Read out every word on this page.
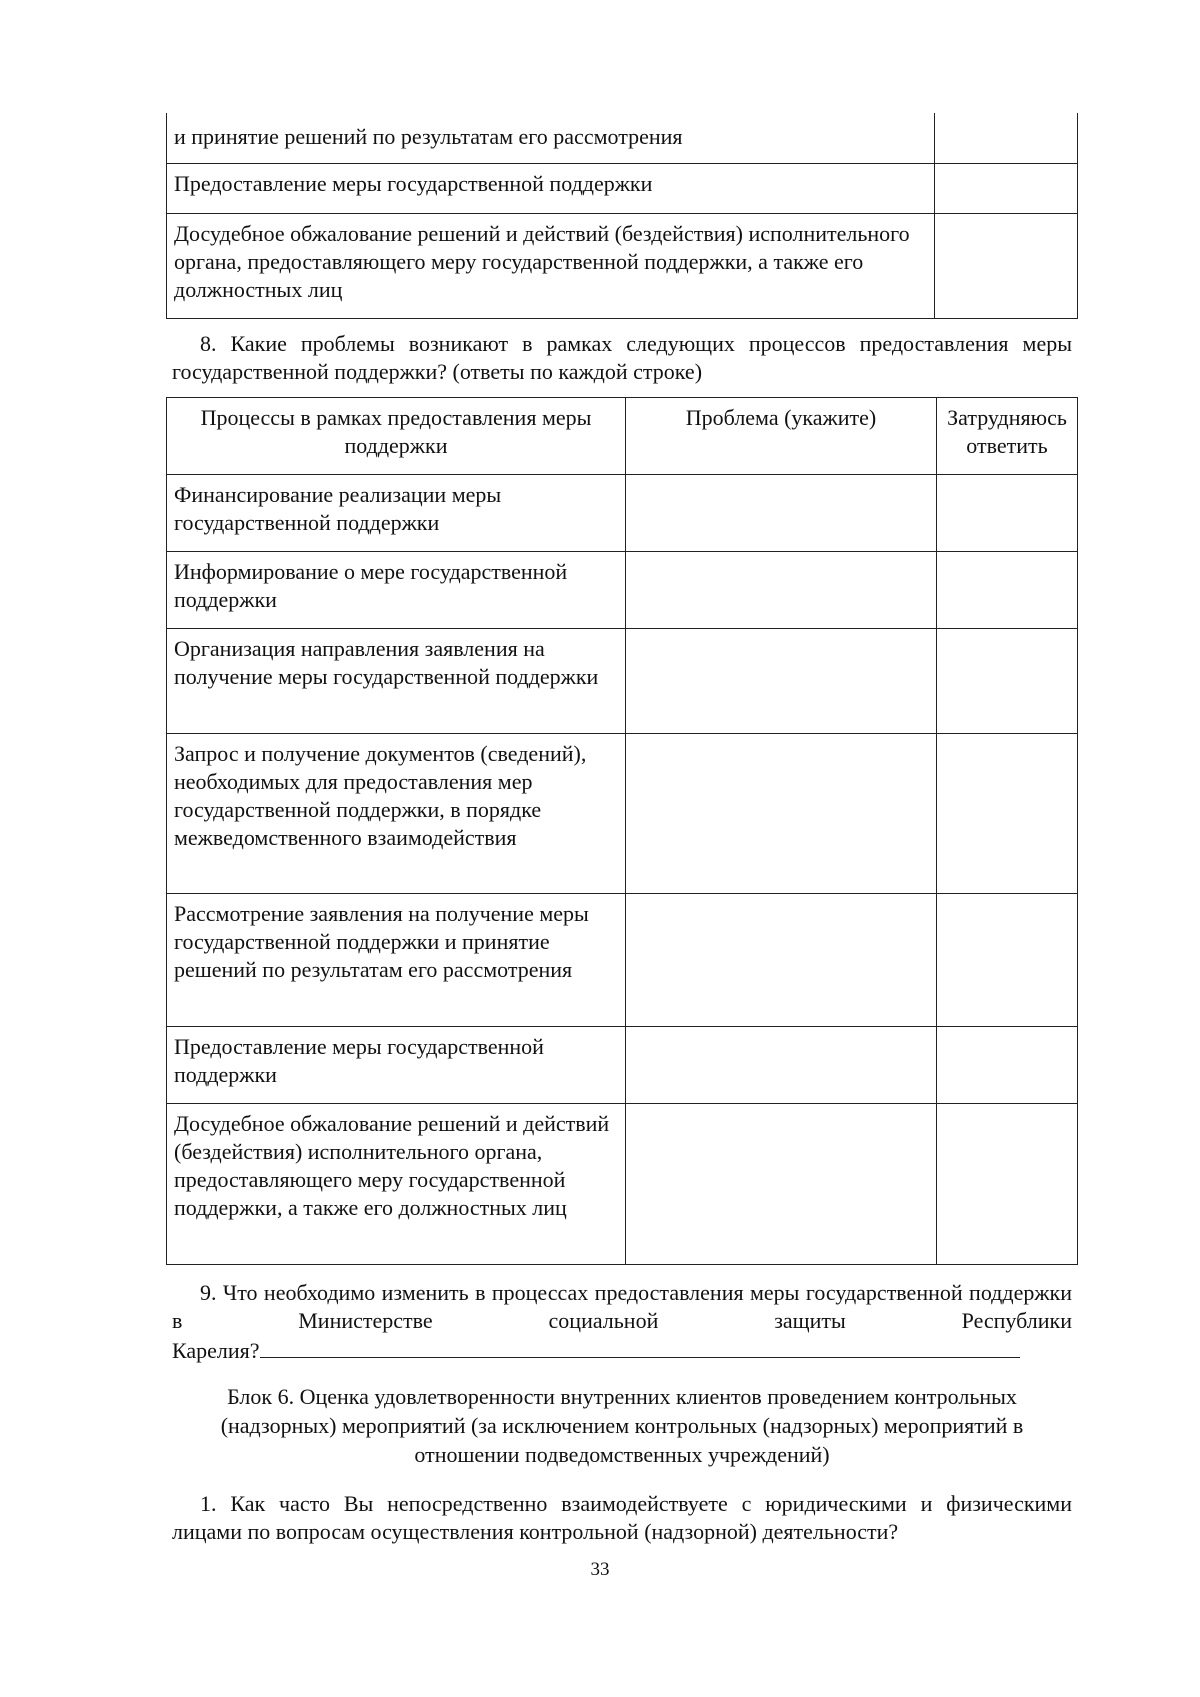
и принятие решений по результатам его рассмотрения	
Предоставление меры государственной поддержки	
Досудебное обжалование решений и действий (бездействия) исполнительного органа, предоставляющего меру государственной поддержки, а также его должностных лиц	
8. Какие проблемы возникают в рамках следующих процессов предоставления меры государственной поддержки? (ответы по каждой строке)
Процессы в рамках предоставления меры поддержки	Проблема (укажите)	Затрудняюсь ответить
Финансирование реализации меры государственной поддержки		
Информирование о мере государственной поддержки		
Организация направления заявления на получение меры государственной поддержки		
Запрос и получение документов (сведений), необходимых для предоставления мер государственной поддержки, в порядке межведомственного взаимодействия		
Рассмотрение заявления на получение меры государственной поддержки и принятие решений по результатам его рассмотрения		
Предоставление меры государственной поддержки		
Досудебное обжалование решений и действий (бездействия) исполнительного органа, предоставляющего меру государственной поддержки, а также его должностных лиц		
9. Что необходимо изменить в процессах предоставления меры государственной поддержки в Министерстве социальной защиты Республики
Карелия?
Блок 6. Оценка удовлетворенности внутренних клиентов проведением контрольных (надзорных) мероприятий (за исключением контрольных (надзорных) мероприятий в отношении подведомственных учреждений)
1. Как часто Вы непосредственно взаимодействуете с юридическими и физическими лицами по вопросам осуществления контрольной (надзорной) деятельности?
33
